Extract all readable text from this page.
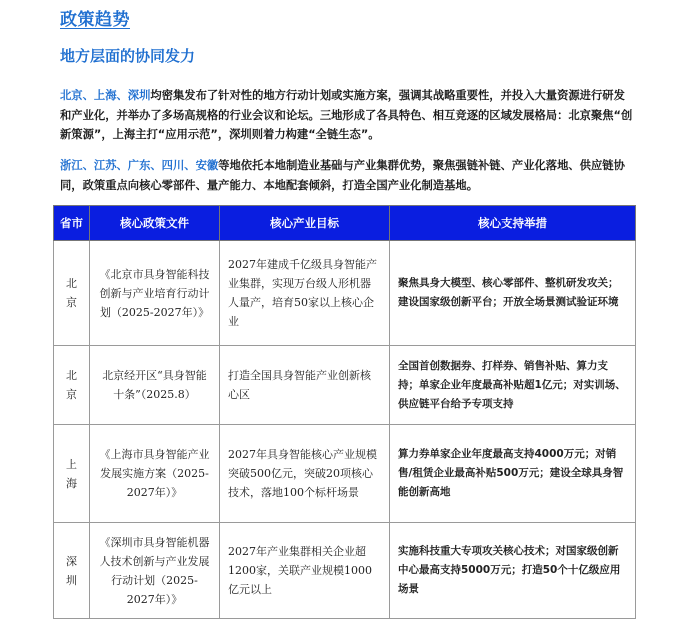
政策趋势
地方层面的协同发力
北京、上海、深圳均密集发布了针对性的地方行动计划或实施方案，强调其战略重要性，并投入大量资源进行研发和产业化，并举办了多场高规格的行业会议和论坛。三地形成了各具特色、相互竞逐的区域发展格局：北京聚焦“创新策源”，上海主打“应用示范”，深圳则着力构建“全链生态”。
浙江、江苏、广东、四川、安徽等地依托本地制造业基础与产业集群优势，聚焦强链补链、产业化落地、供应链协同，政策重点向核心零部件、量产能力、本地配套倾斜，打造全国产业化制造基地。
省市	核心政策文件	核心产业目标	核心支持举措
北京	《北京市具身智能科技创新与产业培育行动计划（2025-2027年）》	2027年建成千亿级具身智能产业集群，实现万台级人形机器人量产，培育50家以上核心企业	聚焦具身大模型、核心零部件、整机研发攻关；建设国家级创新平台；开放全场景测试验证环境
北京	北京经开区“具身智能十条”（2025.8）	打造全国具身智能产业创新核心区	全国首创数据券、打样券、销售补贴、算力支持；单家企业年度最高补贴超1亿元；对实训场、供应链平台给予专项支持
上海	《上海市具身智能产业发展实施方案（2025-2027年）》	2027年具身智能核心产业规模突破500亿元，突破20项核心技术，落地100个标杆场景	算力券单家企业年度最高支持4000万元；对销售/租赁企业最高补贴500万元；建设全球具身智能创新高地
深圳	《深圳市具身智能机器人技术创新与产业发展行动计划（2025-2027年）》	2027年产业集群相关企业超1200家，关联产业规模1000亿元以上	实施科技重大专项攻关核心技术；对国家级创新中心最高支持5000万元；打造50个十亿级应用场景
